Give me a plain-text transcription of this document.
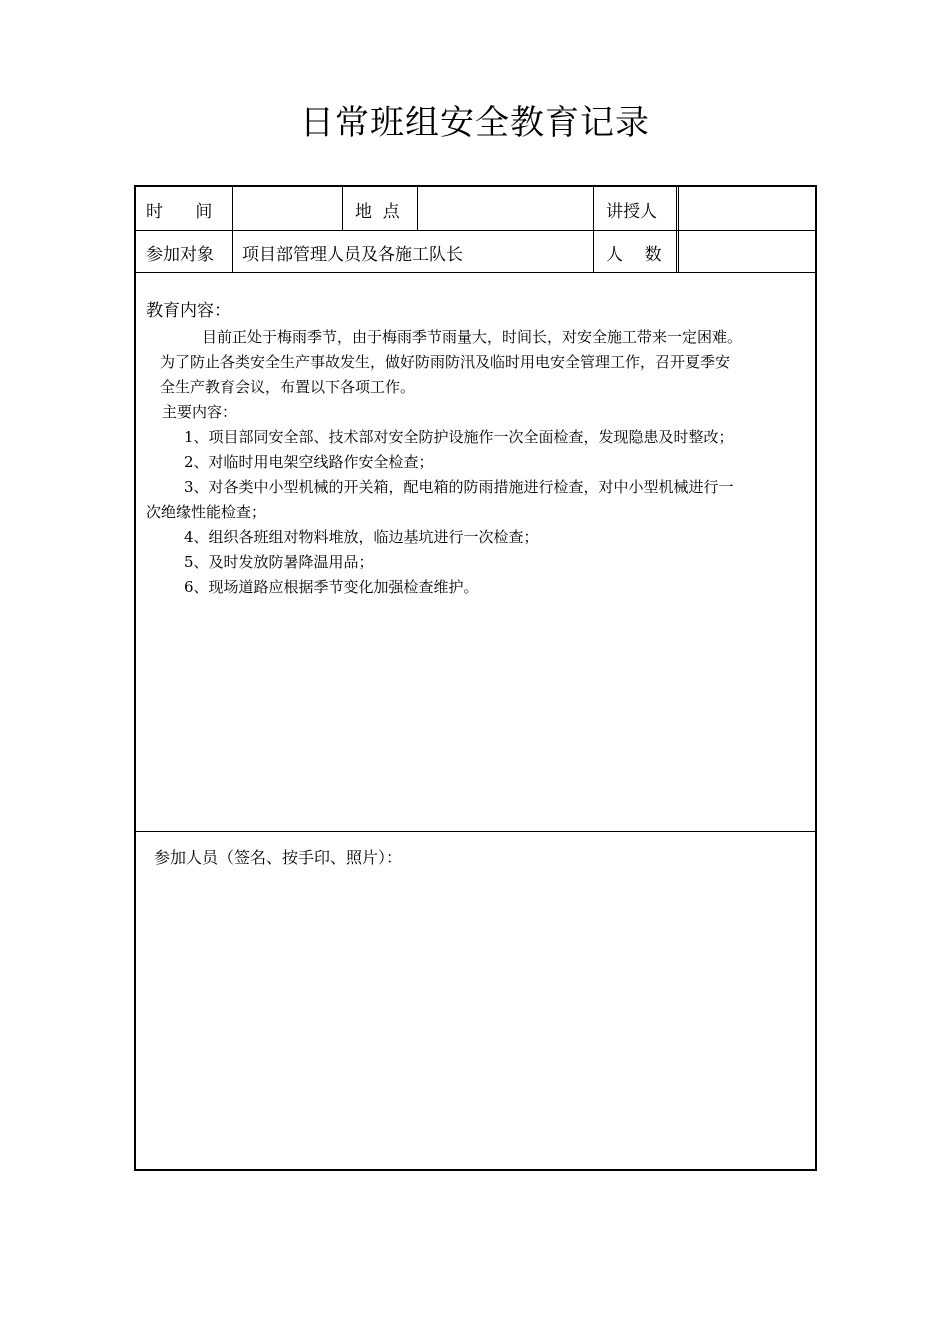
日常班组安全教育记录
时      间	地  点	讲授人
参加对象 项目部管理人员及各施工队长	人    数
教育内容：
目前正处于梅雨季节，由于梅雨季节雨量大，时间长，对安全施工带来一定困难。
为了防止各类安全生产事故发生，做好防雨防汛及临时用电安全管理工作，召开夏季安
全生产教育会议，布置以下各项工作。
主要内容：
1、项目部同安全部、技术部对安全防护设施作一次全面检查，发现隐患及时整改；
2、对临时用电架空线路作安全检查；
3、对各类中小型机械的开关箱，配电箱的防雨措施进行检查，对中小型机械进行一
次绝缘性能检查；
4、组织各班组对物料堆放，临边基坑进行一次检查；
5、及时发放防暑降温用品；
6、现场道路应根据季节变化加强检查维护。
参加人员（签名、按手印、照片）：
